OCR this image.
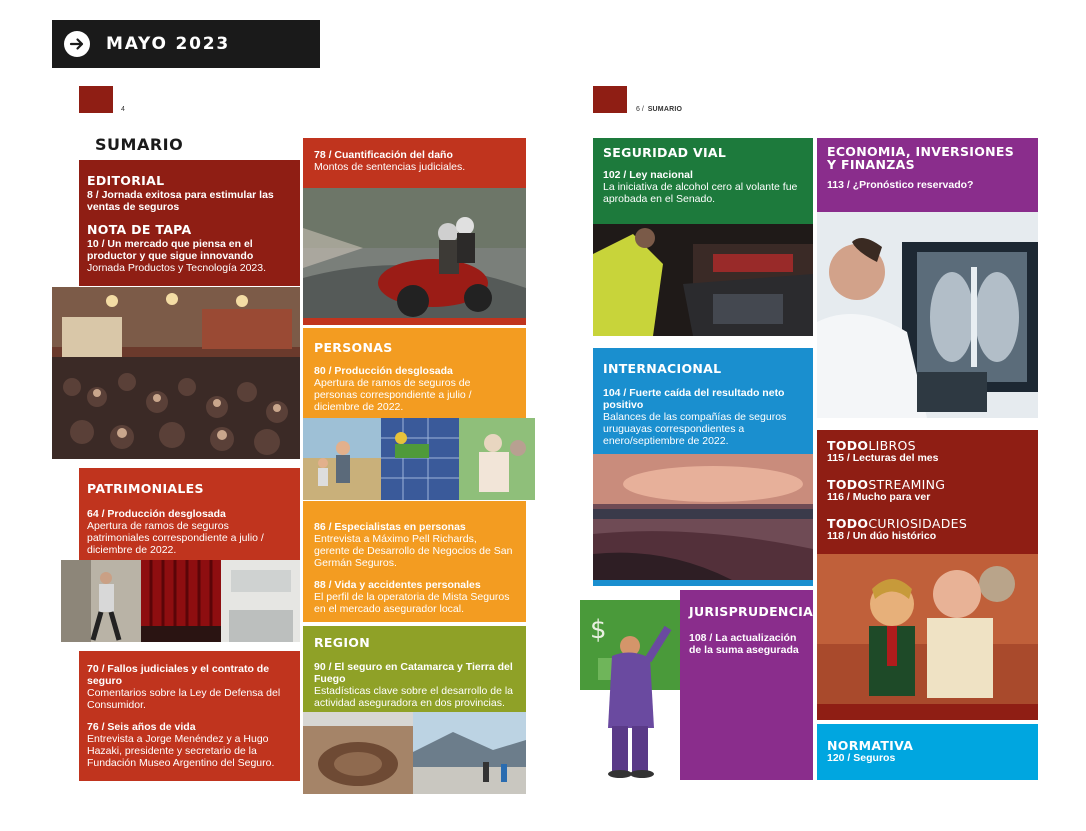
MAYO 2023
4
SUMARIO
EDITORIAL
8 / Jornada exitosa para estimular las ventas de seguros
NOTA DE TAPA
10 / Un mercado que piensa en el productor y que sigue innovando
Jornada Productos y Tecnología 2023.
78 / Cuantificación del daño
Montos de sentencias judiciales.
PERSONAS
80 / Producción desglosada
Apertura de ramos de seguros de personas correspondiente a julio / diciembre de 2022.
PATRIMONIALES
64 / Producción desglosada
Apertura de ramos de seguros patrimoniales correspondiente a julio / diciembre de 2022.
70 / Fallos judiciales y el contrato de seguro
Comentarios sobre la Ley de Defensa del Consumidor.
76 / Seis años de vida
Entrevista a Jorge Menéndez y a Hugo Hazaki, presidente y secretario de la Fundación Museo Argentino del Seguro.
86 / Especialistas en personas
Entrevista a Máximo Pell Richards, gerente de Desarrollo de Negocios de San Germán Seguros.
88 / Vida y accidentes personales
El perfil de la operatoria de Mista Seguros en el mercado asegurador local.
REGION
90 / El seguro en Catamarca y Tierra del Fuego
Estadísticas clave sobre el desarrollo de la actividad aseguradora en dos provincias.
6 /  SUMARIO
SEGURIDAD VIAL
102 / Ley nacional
La iniciativa de alcohol cero al volante fue aprobada en el Senado.
INTERNACIONAL
104 / Fuerte caída del resultado neto positivo
Balances de las compañías de seguros uruguayas correspondientes a enero/septiembre de 2022.
ECONOMIA, INVERSIONES Y FINANZAS
113 / ¿Pronóstico reservado?
TODOLIBROS
115 / Lecturas del mes
TODOSTREAMING
116 / Mucho para ver
TODOCURIOSIDADES
118 / Un dúo histórico
$
JURISPRUDENCIA
108 / La actualización de la suma asegurada
NORMATIVA
120 / Seguros
